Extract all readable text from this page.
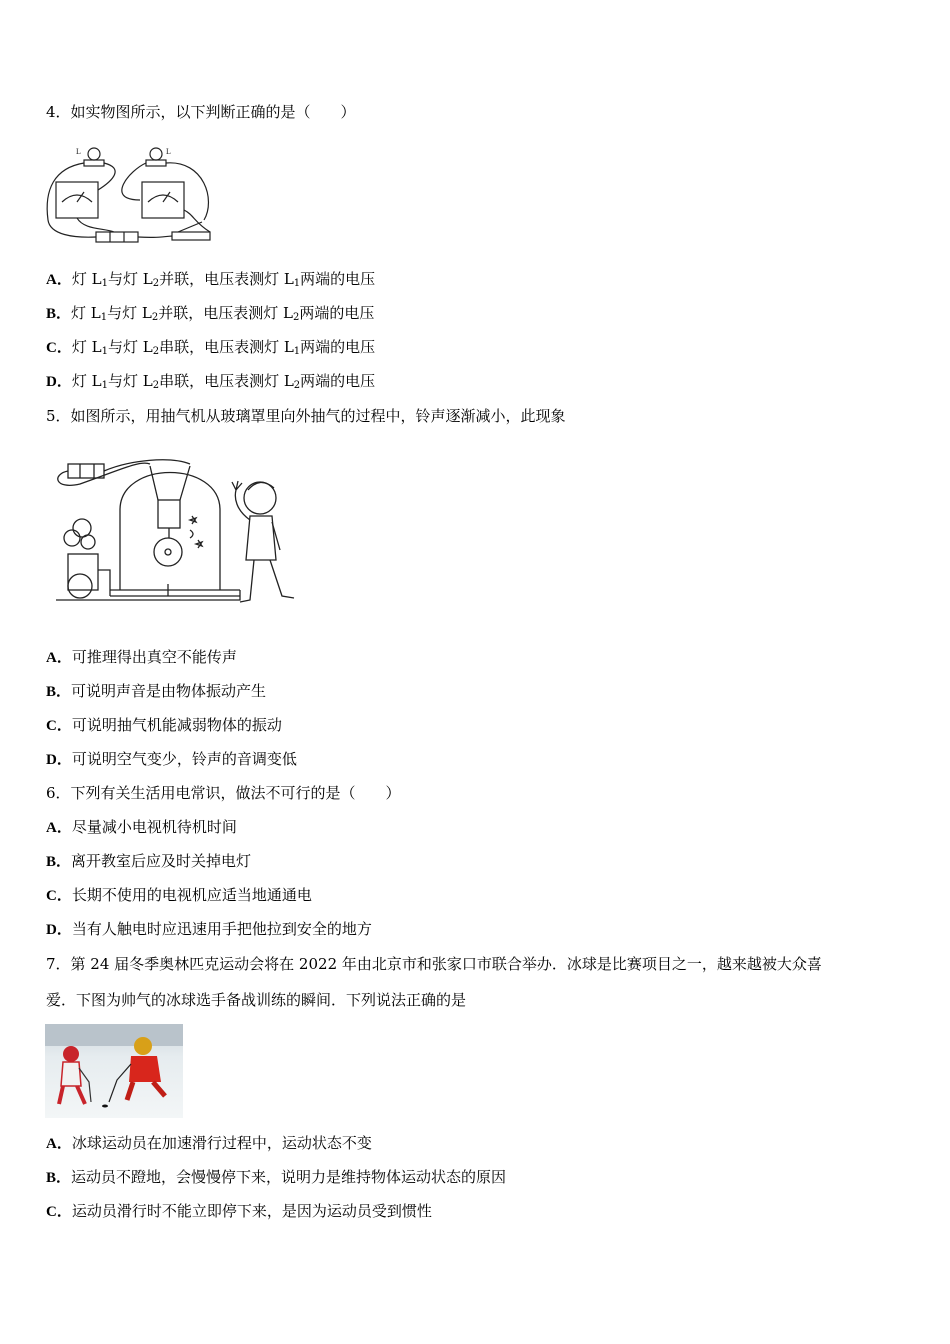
4．如实物图所示，以下判断正确的是（　　）
L	L
A．灯 $L_1$与灯 $L_2$并联，电压表测灯 $L_1$两端的电压
B．灯 $L_1$与灯 $L_2$并联，电压表测灯 $L_2$两端的电压
C．灯 $L_1$与灯 $L_2$串联，电压表测灯 $L_1$两端的电压
D．灯 $L_1$与灯 $L_2$串联，电压表测灯 $L_2$两端的电压
5．如图所示，用抽气机从玻璃罩里向外抽气的过程中，铃声逐渐减小，此现象
A．可推理得出真空不能传声
B．可说明声音是由物体振动产生
C．可说明抽气机能减弱物体的振动
D．可说明空气变少，铃声的音调变低
6．下列有关生活用电常识，做法不可行的是（　　）
A．尽量减小电视机待机时间
B．离开教室后应及时关掉电灯
C．长期不使用的电视机应适当地通通电
D．当有人触电时应迅速用手把他拉到安全的地方
7．第 24 届冬季奥林匹克运动会将在 2022 年由北京市和张家口市联合举办．冰球是比赛项目之一，越来越被大众喜
爱．下图为帅气的冰球选手备战训练的瞬间．下列说法正确的是
A．冰球运动员在加速滑行过程中，运动状态不变
B．运动员不蹬地，会慢慢停下来，说明力是维持物体运动状态的原因
C．运动员滑行时不能立即停下来，是因为运动员受到惯性
